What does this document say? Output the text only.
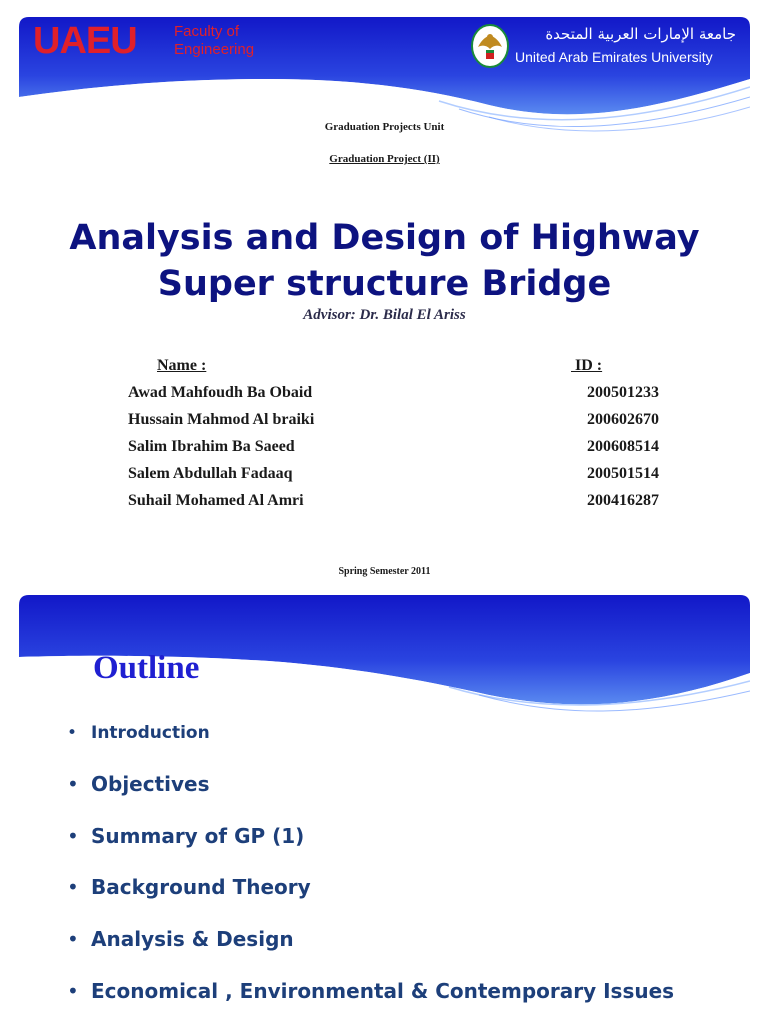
UAEU Faculty of
Engineering
جامعة الإمارات العربية المتحدة
United Arab Emirates University
Graduation Projects Unit
Graduation Project (II)
Analysis and Design of Highway
Super structure Bridge
Advisor: Dr. Bilal El Ariss
Name :	ID :
Awad Mahfoudh Ba Obaid	200501233
Hussain Mahmod Al braiki	200602670
Salim Ibrahim Ba Saeed	200608514
Salem Abdullah Fadaaq	200501514
Suhail Mohamed Al Amri	200416287
Spring Semester 2011
Outline
• Introduction
• Objectives
• Summary of GP (1)
• Background Theory
• Analysis & Design
• Economical , Environmental & Contemporary Issues
